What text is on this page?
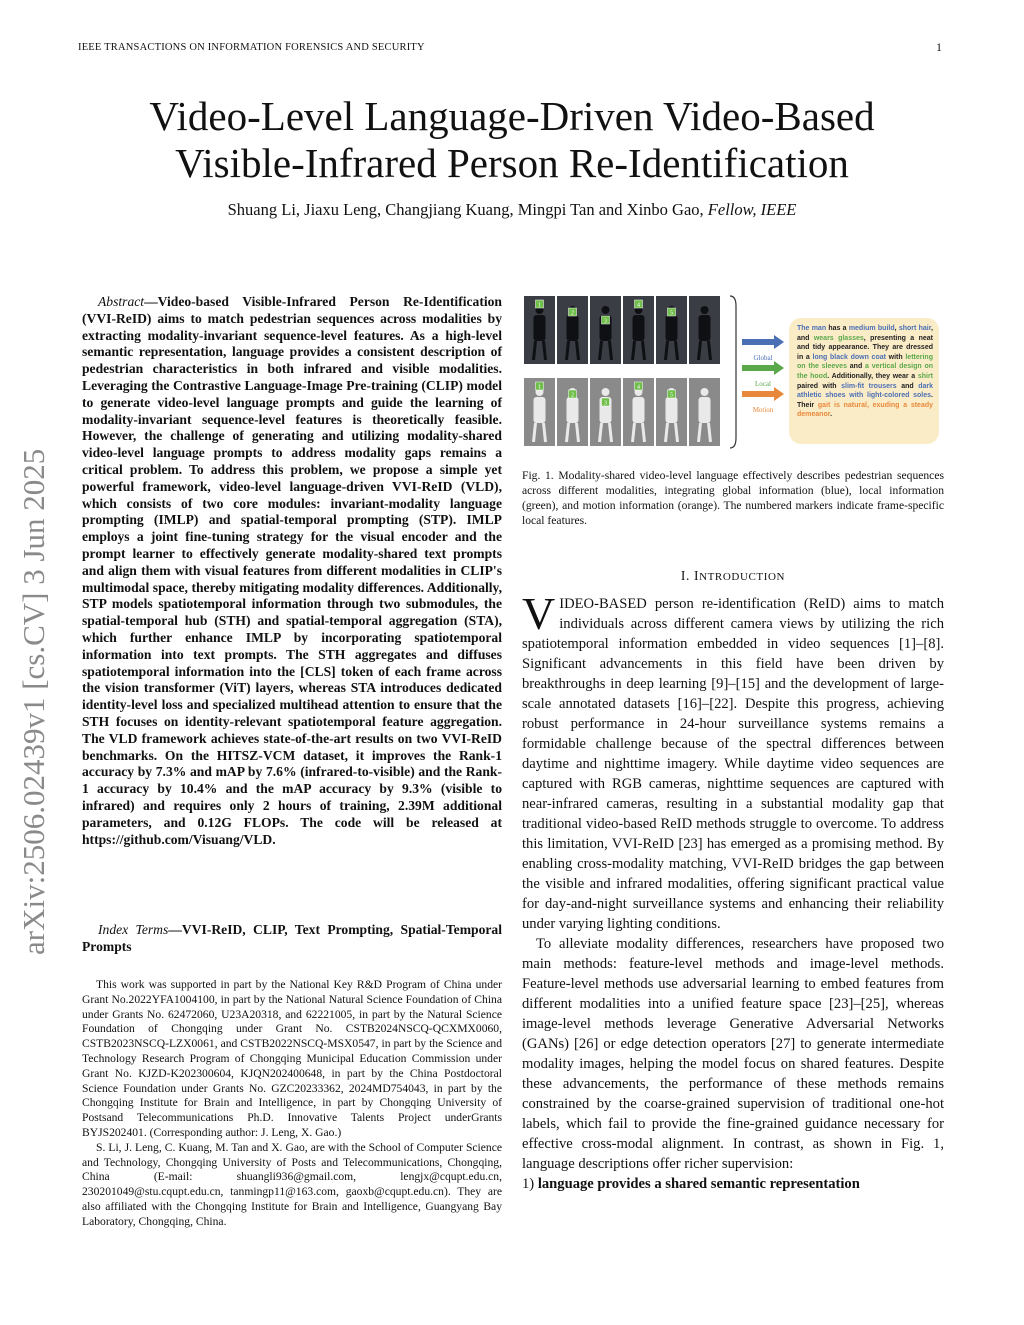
IEEE TRANSACTIONS ON INFORMATION FORENSICS AND SECURITY	1
Video-Level Language-Driven Video-Based
Visible-Infrared Person Re-Identification
Shuang Li, Jiaxu Leng, Changjiang Kuang, Mingpi Tan and Xinbo Gao, Fellow, IEEE
arXiv:2506.02439v1 [cs.CV] 3 Jun 2025
Abstract—Video-based Visible-Infrared Person Re-Identification (VVI-ReID) aims to match pedestrian sequences across modalities by extracting modality-invariant sequence-level features. As a high-level semantic representation, language provides a consistent description of pedestrian characteristics in both infrared and visible modalities. Leveraging the Contrastive Language-Image Pre-training (CLIP) model to generate video-level language prompts and guide the learning of modality-invariant sequence-level features is theoretically feasible. However, the challenge of generating and utilizing modality-shared video-level language prompts to address modality gaps remains a critical problem. To address this problem, we propose a simple yet powerful framework, video-level language-driven VVI-ReID (VLD), which consists of two core modules: invariant-modality language prompting (IMLP) and spatial-temporal prompting (STP). IMLP employs a joint fine-tuning strategy for the visual encoder and the prompt learner to effectively generate modality-shared text prompts and align them with visual features from different modalities in CLIP's multimodal space, thereby mitigating modality differences. Additionally, STP models spatiotemporal information through two submodules, the spatial-temporal hub (STH) and spatial-temporal aggregation (STA), which further enhance IMLP by incorporating spatiotemporal information into text prompts. The STH aggregates and diffuses spatiotemporal information into the [CLS] token of each frame across the vision transformer (ViT) layers, whereas STA introduces dedicated identity-level loss and specialized multihead attention to ensure that the STH focuses on identity-relevant spatiotemporal feature aggregation. The VLD framework achieves state-of-the-art results on two VVI-ReID benchmarks. On the HITSZ-VCM dataset, it improves the Rank-1 accuracy by 7.3% and mAP by 7.6% (infrared-to-visible) and the Rank-1 accuracy by 10.4% and the mAP accuracy by 9.3% (visible to infrared) and requires only 2 hours of training, 2.39M additional parameters, and 0.12G FLOPs. The code will be released at https://github.com/Visuang/VLD.
Index Terms—VVI-ReID, CLIP, Text Prompting, Spatial-Temporal Prompts

This work was supported in part by the National Key R&D Program of China under Grant No.2022YFA1004100, in part by the National Natural Science Foundation of China under Grants No. 62472060, U23A20318, and 62221005, in part by the Natural Science Foundation of Chongqing under Grant No. CSTB2024NSCQ-QCXMX0060, CSTB2023NSCQ-LZX0061, and CSTB2022NSCQ-MSX0547, in part by the Science and Technology Research Program of Chongqing Municipal Education Commission under Grant No. KJZD-K202300604, KJQN202400648, in part by the China Postdoctoral Science Foundation under Grants No. GZC20233362, 2024MD754043, in part by the Chongqing Institute for Brain and Intelligence, in part by Chongqing University of Postsand Telecommunications Ph.D. Innovative Talents Project underGrants BYJS202401. (Corresponding author: J. Leng, X. Gao.)

S. Li, J. Leng, C. Kuang, M. Tan and X. Gao, are with the School of Computer Science and Technology, Chongqing University of Posts and Telecommunications, Chongqing, China (E-mail: shuangli936@gmail.com, lengjx@cqupt.edu.cn, 230201049@stu.cqupt.edu.cn, tanmingp11@163.com, gaoxb@cqupt.edu.cn). They are also affiliated with the Chongqing Institute for Brain and Intelligence, Guangyang Bay Laboratory, Chongqing, China.

1
2
3
4
5
1
2
3
4
5
Global
Local
Motion
The man has a medium build, short hair, and wears glasses, presenting a neat and tidy appearance. They are dressed in a long black down coat with lettering on the sleeves and a vertical design on the hood. Additionally, they wear a shirt paired with slim-fit trousers and dark athletic shoes with light-colored soles. Their gait is natural, exuding a steady demeanor.
Fig. 1. Modality-shared video-level language effectively describes pedestrian sequences across different modalities, integrating global information (blue), local information (green), and motion information (orange). The numbered markers indicate frame-specific local features.
I. INTRODUCTION

VIDEO-BASED person re-identification (ReID) aims to match individuals across different camera views by utilizing the rich spatiotemporal information embedded in video sequences [1]–[8]. Significant advancements in this field have been driven by breakthroughs in deep learning [9]–[15] and the development of large-scale annotated datasets [16]–[22]. Despite this progress, achieving robust performance in 24-hour surveillance systems remains a formidable challenge because of the spectral differences between daytime and nighttime imagery. While daytime video sequences are captured with RGB cameras, nighttime sequences are captured with near-infrared cameras, resulting in a substantial modality gap that traditional video-based ReID methods struggle to overcome. To address this limitation, VVI-ReID [23] has emerged as a promising method. By enabling cross-modality matching, VVI-ReID bridges the gap between the visible and infrared modalities, offering significant practical value for day-and-night surveillance systems and enhancing their reliability under varying lighting conditions.

To alleviate modality differences, researchers have proposed two main methods: feature-level methods and image-level methods. Feature-level methods use adversarial learning to embed features from different modalities into a unified feature space [23]–[25], whereas image-level methods leverage Generative Adversarial Networks (GANs) [26] or edge detection operators [27] to generate intermediate modality images, helping the model focus on shared features. Despite these advancements, the performance of these methods remains constrained by the coarse-grained supervision of traditional one-hot labels, which fail to provide the fine-grained guidance necessary for effective cross-modal alignment. In contrast, as shown in Fig. 1, language descriptions offer richer supervision:

1) language provides a shared semantic representation
